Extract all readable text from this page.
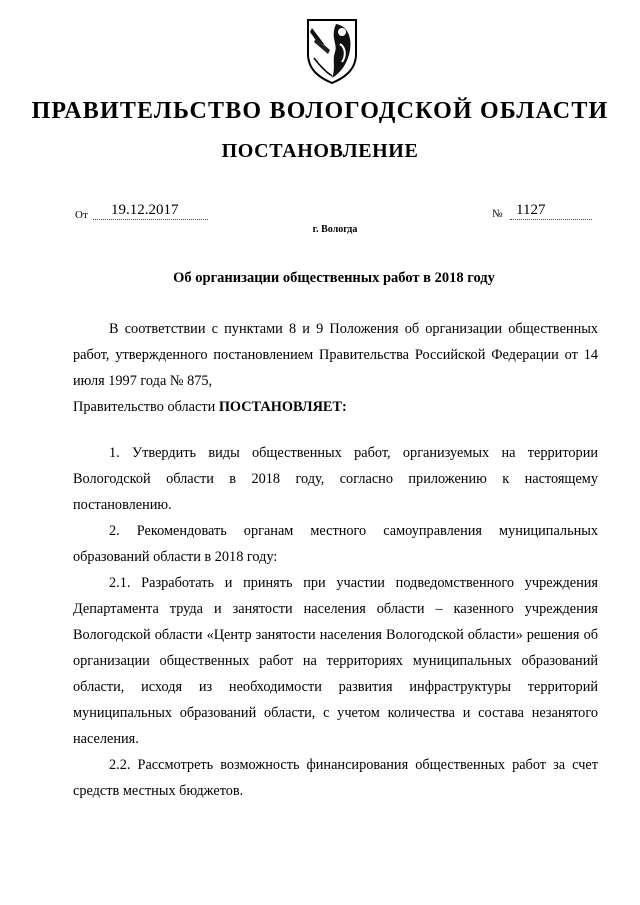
ПРАВИТЕЛЬСТВО ВОЛОГОДСКОЙ ОБЛАСТИ
ПОСТАНОВЛЕНИЕ
От	19.12.2017	№ 1127
г. Вологда
Об организации общественных работ в 2018 году

В соответствии с пунктами 8 и 9 Положения об организации общественных работ, утвержденного постановлением Правительства Российской Федерации от 14 июля 1997 года № 875,

Правительство области ПОСТАНОВЛЯЕТ:

1. Утвердить виды общественных работ, организуемых на территории Вологодской области в 2018 году, согласно приложению к настоящему постановлению.

2. Рекомендовать органам местного самоуправления муниципальных образований области в 2018 году:

2.1. Разработать и принять при участии подведомственного учреждения Департамента труда и занятости населения области – казенного учреждения Вологодской области «Центр занятости населения Вологодской области» решения об организации общественных работ на территориях муниципальных образований области, исходя из необходимости развития инфраструктуры территорий муниципальных образований области, с учетом количества и состава незанятого населения.

2.2. Рассмотреть возможность финансирования общественных работ за счет средств местных бюджетов.
